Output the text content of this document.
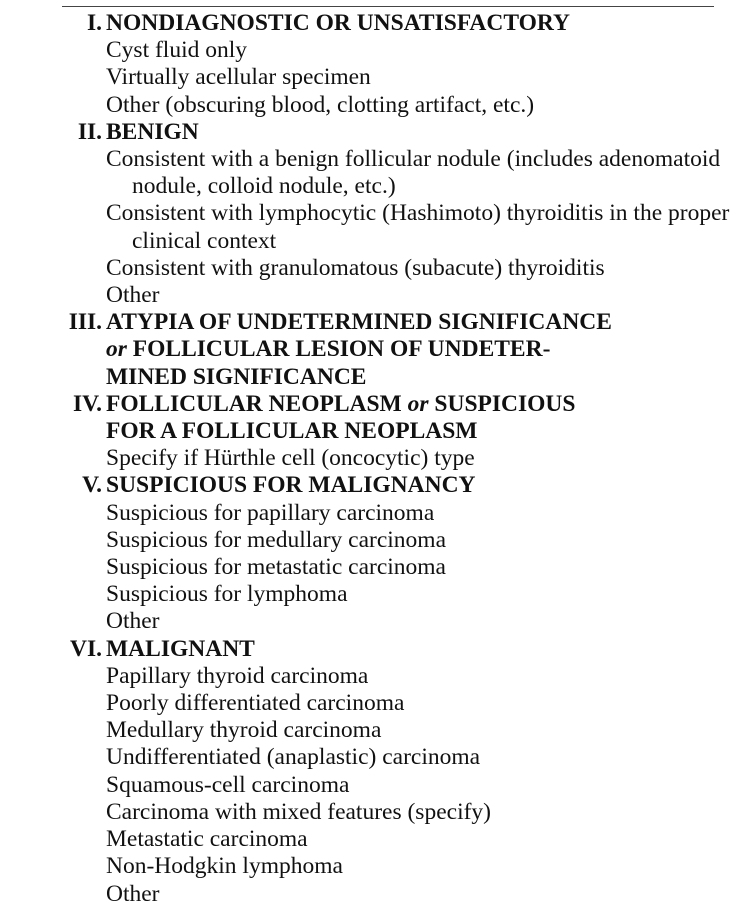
I. NONDIAGNOSTIC OR UNSATISFACTORY
Cyst fluid only
Virtually acellular specimen
Other (obscuring blood, clotting artifact, etc.)
II. BENIGN
Consistent with a benign follicular nodule (includes adenomatoid nodule, colloid nodule, etc.)
Consistent with lymphocytic (Hashimoto) thyroiditis in the proper clinical context
Consistent with granulomatous (subacute) thyroiditis
Other
III. ATYPIA OF UNDETERMINED SIGNIFICANCE
or FOLLICULAR LESION OF UNDETER-
MINED SIGNIFICANCE
IV. FOLLICULAR NEOPLASM or SUSPICIOUS
FOR A FOLLICULAR NEOPLASM
Specify if Hürthle cell (oncocytic) type
V. SUSPICIOUS FOR MALIGNANCY
Suspicious for papillary carcinoma
Suspicious for medullary carcinoma
Suspicious for metastatic carcinoma
Suspicious for lymphoma
Other
VI. MALIGNANT
Papillary thyroid carcinoma
Poorly differentiated carcinoma
Medullary thyroid carcinoma
Undifferentiated (anaplastic) carcinoma
Squamous-cell carcinoma
Carcinoma with mixed features (specify)
Metastatic carcinoma
Non-Hodgkin lymphoma
Other
